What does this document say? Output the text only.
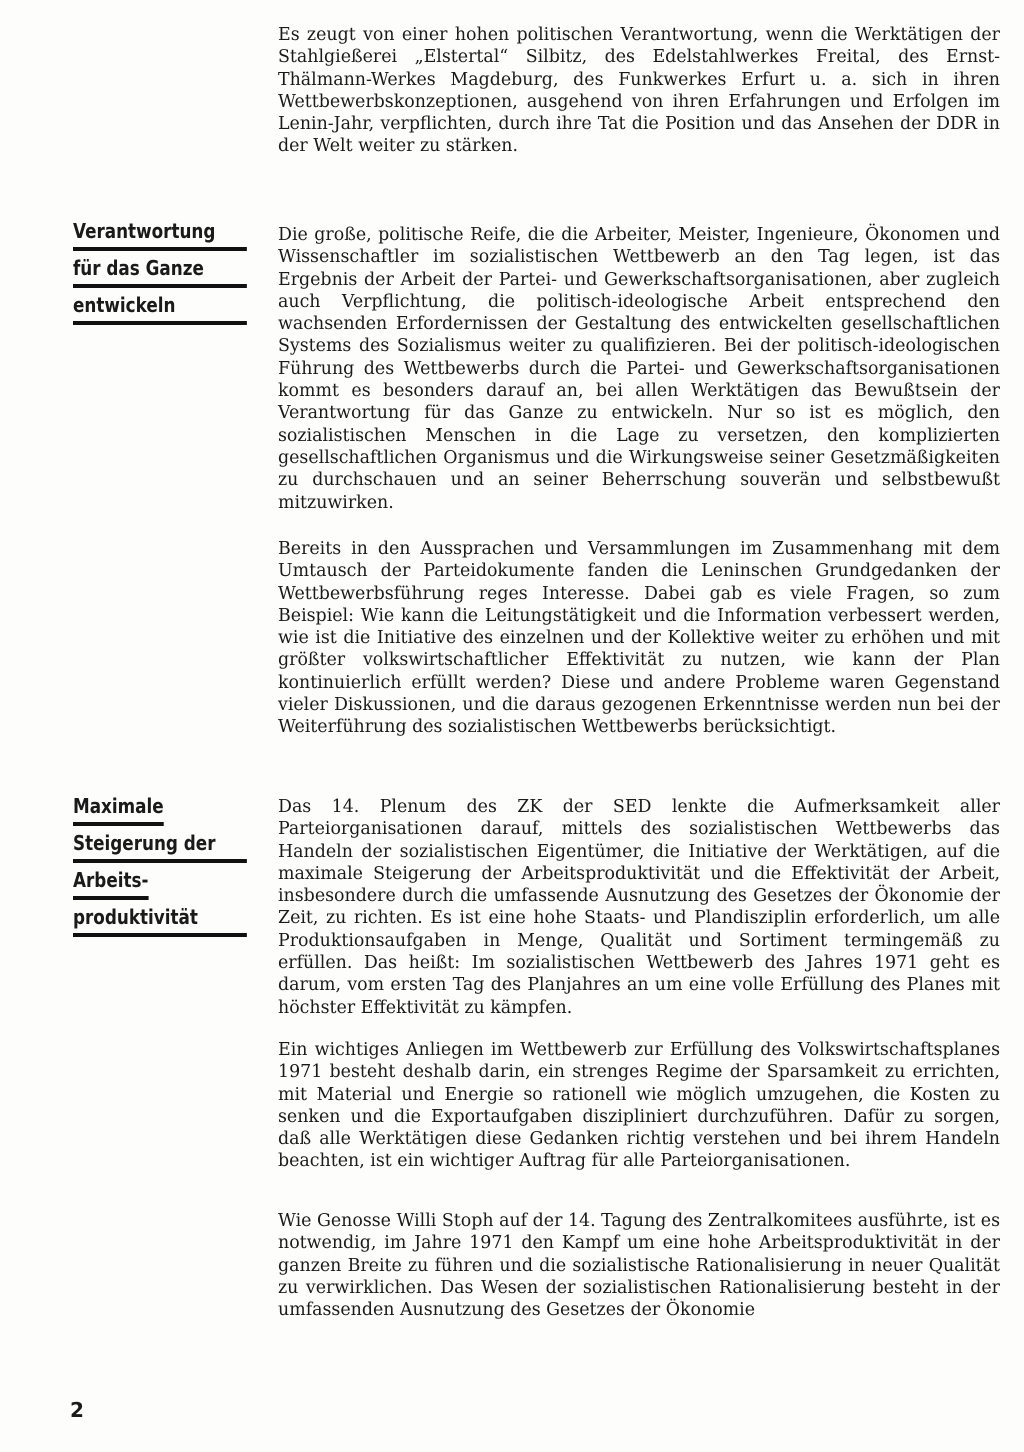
Es zeugt von einer hohen politischen Verantwortung, wenn die Werktätigen der Stahlgießerei „Elstertal“ Silbitz, des Edelstahlwerkes Freital, des Ernst-Thälmann-Werkes Magdeburg, des Funkwerkes Erfurt u. a. sich in ihren Wettbewerbskonzeptionen, ausgehend von ihren Erfahrungen und Erfolgen im Lenin-Jahr, verpflichten, durch ihre Tat die Position und das Ansehen der DDR in der Welt weiter zu stärken.

Verantwortung
für das Ganze
entwickeln

Die große, politische Reife, die die Arbeiter, Meister, Ingenieure, Ökonomen und Wissenschaftler im sozialistischen Wettbewerb an den Tag legen, ist das Ergebnis der Arbeit der Partei- und Gewerkschaftsorganisationen, aber zugleich auch Verpflichtung, die politisch-ideologische Arbeit entsprechend den wachsenden Erfordernissen der Gestaltung des entwickelten gesellschaftlichen Systems des Sozialismus weiter zu qualifizieren. Bei der politisch-ideologischen Führung des Wettbewerbs durch die Partei- und Gewerkschaftsorganisationen kommt es besonders darauf an, bei allen Werktätigen das Bewußtsein der Verantwortung für das Ganze zu entwickeln. Nur so ist es möglich, den sozialistischen Menschen in die Lage zu versetzen, den komplizierten gesellschaftlichen Organismus und die Wirkungsweise seiner Gesetzmäßigkeiten zu durchschauen und an seiner Beherrschung souverän und selbstbewußt mitzuwirken.

Bereits in den Aussprachen und Versammlungen im Zusammenhang mit dem Umtausch der Parteidokumente fanden die Leninschen Grundgedanken der Wettbewerbsführung reges Interesse. Dabei gab es viele Fragen, so zum Beispiel: Wie kann die Leitungstätigkeit und die Information verbessert werden, wie ist die Initiative des einzelnen und der Kollektive weiter zu erhöhen und mit größter volkswirtschaftlicher Effektivität zu nutzen, wie kann der Plan kontinuierlich erfüllt werden? Diese und andere Probleme waren Gegenstand vieler Diskussionen, und die daraus gezogenen Erkenntnisse werden nun bei der Weiterführung des sozialistischen Wettbewerbs berücksichtigt.

Maximale
Steigerung der
Arbeits-
produktivität

Das 14. Plenum des ZK der SED lenkte die Aufmerksamkeit aller Parteiorganisationen darauf, mittels des sozialistischen Wettbewerbs das Handeln der sozialistischen Eigentümer, die Initiative der Werktätigen, auf die maximale Steigerung der Arbeitsproduktivität und die Effektivität der Arbeit, insbesondere durch die umfassende Ausnutzung des Gesetzes der Ökonomie der Zeit, zu richten. Es ist eine hohe Staats- und Plandisziplin erforderlich, um alle Produktionsaufgaben in Menge, Qualität und Sortiment termingemäß zu erfüllen. Das heißt: Im sozialistischen Wettbewerb des Jahres 1971 geht es darum, vom ersten Tag des Planjahres an um eine volle Erfüllung des Planes mit höchster Effektivität zu kämpfen.

Ein wichtiges Anliegen im Wettbewerb zur Erfüllung des Volkswirtschaftsplanes 1971 besteht deshalb darin, ein strenges Regime der Sparsamkeit zu errichten, mit Material und Energie so rationell wie möglich umzugehen, die Kosten zu senken und die Exportaufgaben diszipliniert durchzuführen. Dafür zu sorgen, daß alle Werktätigen diese Gedanken richtig verstehen und bei ihrem Handeln beachten, ist ein wichtiger Auftrag für alle Parteiorganisationen.

Wie Genosse Willi Stoph auf der 14. Tagung des Zentralkomitees ausführte, ist es notwendig, im Jahre 1971 den Kampf um eine hohe Arbeitsproduktivität in der ganzen Breite zu führen und die sozialistische Rationalisierung in neuer Qualität zu verwirklichen. Das Wesen der sozialistischen Rationalisierung besteht in der umfassenden Ausnutzung des Gesetzes der Ökonomie

2
